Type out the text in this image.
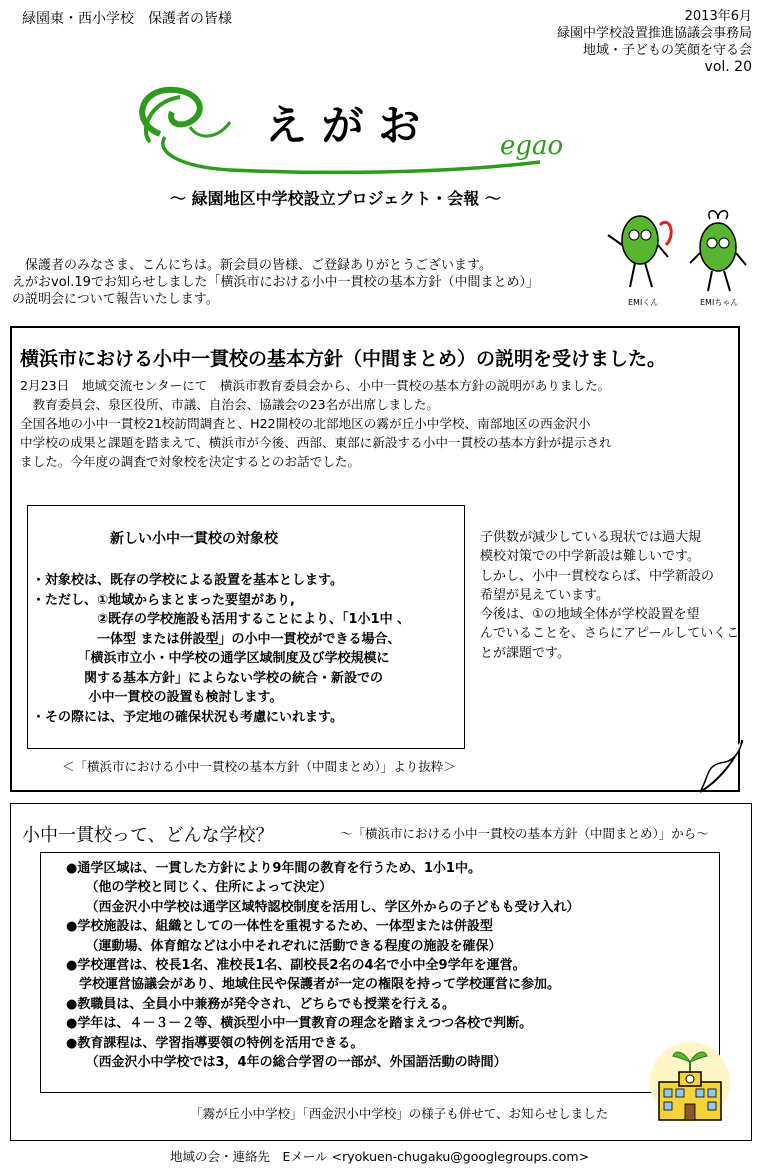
緑園東・西小学校　保護者の皆様	2013年6月
緑園中学校設置推進協議会事務局
地域・子どもの笑顔を守る会
vol. 20
え が お	egao
～ 緑園地区中学校設立プロジェクト・会報 ～
EMIくん	EMIちゃん
　保護者のみなさま、こんにちは。新会員の皆様、ご登録ありがとうございます。
えがおvol.19でお知らせしました「横浜市における小中一貫校の基本方針（中間まとめ）」
の説明会について報告いたします。
横浜市における小中一貫校の基本方針（中間まとめ）の説明を受けました。
2月23日　地域交流センターにて　横浜市教育委員会から、小中一貫校の基本方針の説明がありました。
　教育委員会、泉区役所、市議、自治会、協議会の23名が出席しました。
全国各地の小中一貫校21校訪問調査と、H22開校の北部地区の霧が丘小中学校、南部地区の西金沢小
中学校の成果と課題を踏まえて、横浜市が今後、西部、東部に新設する小中一貫校の基本方針が提示され
ました。今年度の調査で対象校を決定するとのお話でした。
新しい小中一貫校の対象校
・対象校は、既存の学校による設置を基本とします。
・ただし、①地域からまとまった要望があり,
　　　　　②既存の学校施設も活用することにより、「1小1中 、
　　　　　一体型 または併設型」の小中一貫校ができる場合、
　　　　「横浜市立小・中学校の通学区域制度及び学校規模に
　　　　関する基本方針」によらない学校の統合・新設での
　　　　 小中一貫校の設置も検討します。
・その際には、予定地の確保状況も考慮にいれます。
子供数が減少している現状では過大規
模校対策での中学新設は難しいです。
しかし、小中一貫校ならば、中学新設の
希望が見えています。
今後は、①の地域全体が学校設置を望
んでいることを、さらにアピールしていくこ
とが課題です。
＜「横浜市における小中一貫校の基本方針（中間まとめ）」より抜粋＞
小中一貫校って、どんな学校？	～「横浜市における小中一貫校の基本方針（中間まとめ）」から～
●通学区域は、一貫した方針により9年間の教育を行うため、1小1中。
　　（他の学校と同じく、住所によって決定）
　　（西金沢小中学校は通学区域特認校制度を活用し、学区外からの子どもも受け入れ）
●学校施設は、組織としての一体性を重視するため、一体型または併設型
　　（運動場、体育館などは小中それぞれに活動できる程度の施設を確保）
●学校運営は、校長1名、准校長1名、副校長2名の4名で小中全9学年を運営。
　学校運営協議会があり、地域住民や保護者が一定の権限を持って学校運営に参加。
●教職員は、全員小中兼務が発令され、どちらでも授業を行える。
●学年は、４－３－２等、横浜型小中一貫教育の理念を踏まえつつ各校で判断。
●教育課程は、学習指導要領の特例を活用できる。
　　（西金沢小中学校では3，4年の総合学習の一部が、外国語活動の時間）
「霧が丘小中学校」「西金沢小中学校」の様子も併せて、お知らせしました
地域の会・連絡先　Eメール <ryokuen-chugaku@googlegroups.com>
